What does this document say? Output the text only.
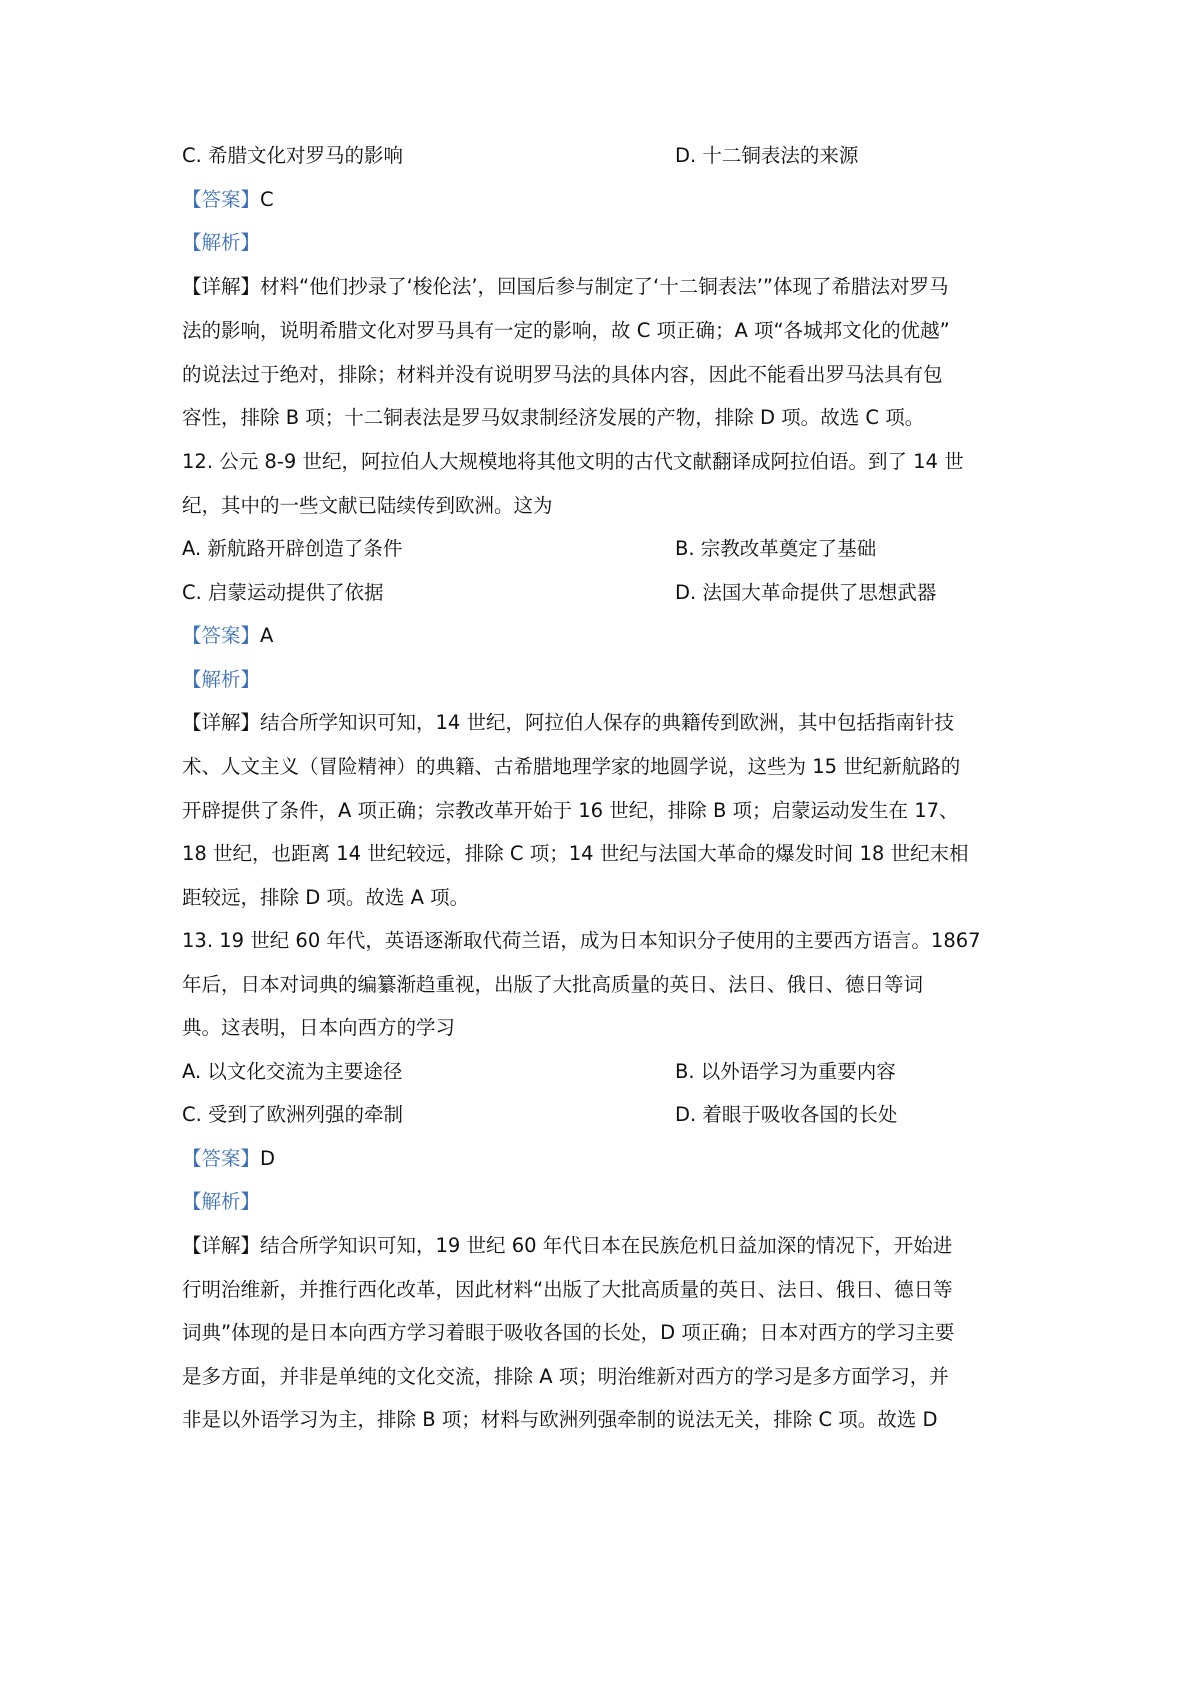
C. 希腊文化对罗马的影响	D. 十二铜表法的来源
【答案】C
【解析】
【详解】材料“他们抄录了‘梭伦法’，回国后参与制定了‘十二铜表法’”体现了希腊法对罗马
法的影响，说明希腊文化对罗马具有一定的影响，故 C 项正确；A 项“各城邦文化的优越”
的说法过于绝对，排除；材料并没有说明罗马法的具体内容，因此不能看出罗马法具有包
容性，排除 B 项；十二铜表法是罗马奴隶制经济发展的产物，排除 D 项。故选 C 项。
12. 公元 8-9 世纪，阿拉伯人大规模地将其他文明的古代文献翻译成阿拉伯语。到了 14 世
纪，其中的一些文献已陆续传到欧洲。这为
A. 新航路开辟创造了条件	B. 宗教改革奠定了基础
C. 启蒙运动提供了依据	D. 法国大革命提供了思想武器
【答案】A
【解析】
【详解】结合所学知识可知，14 世纪，阿拉伯人保存的典籍传到欧洲，其中包括指南针技
术、人文主义（冒险精神）的典籍、古希腊地理学家的地圆学说，这些为 15 世纪新航路的
开辟提供了条件，A 项正确；宗教改革开始于 16 世纪，排除 B 项；启蒙运动发生在 17、
18 世纪，也距离 14 世纪较远，排除 C 项；14 世纪与法国大革命的爆发时间 18 世纪末相
距较远，排除 D 项。故选 A 项。
13. 19 世纪 60 年代，英语逐渐取代荷兰语，成为日本知识分子使用的主要西方语言。1867
年后，日本对词典的编纂渐趋重视，出版了大批高质量的英日、法日、俄日、德日等词
典。这表明，日本向西方的学习
A. 以文化交流为主要途径	B. 以外语学习为重要内容
C. 受到了欧洲列强的牵制	D. 着眼于吸收各国的长处
【答案】D
【解析】
【详解】结合所学知识可知，19 世纪 60 年代日本在民族危机日益加深的情况下，开始进
行明治维新，并推行西化改革，因此材料“出版了大批高质量的英日、法日、俄日、德日等
词典”体现的是日本向西方学习着眼于吸收各国的长处，D 项正确；日本对西方的学习主要
是多方面，并非是单纯的文化交流，排除 A 项；明治维新对西方的学习是多方面学习，并
非是以外语学习为主，排除 B 项；材料与欧洲列强牵制的说法无关，排除 C 项。故选 D
